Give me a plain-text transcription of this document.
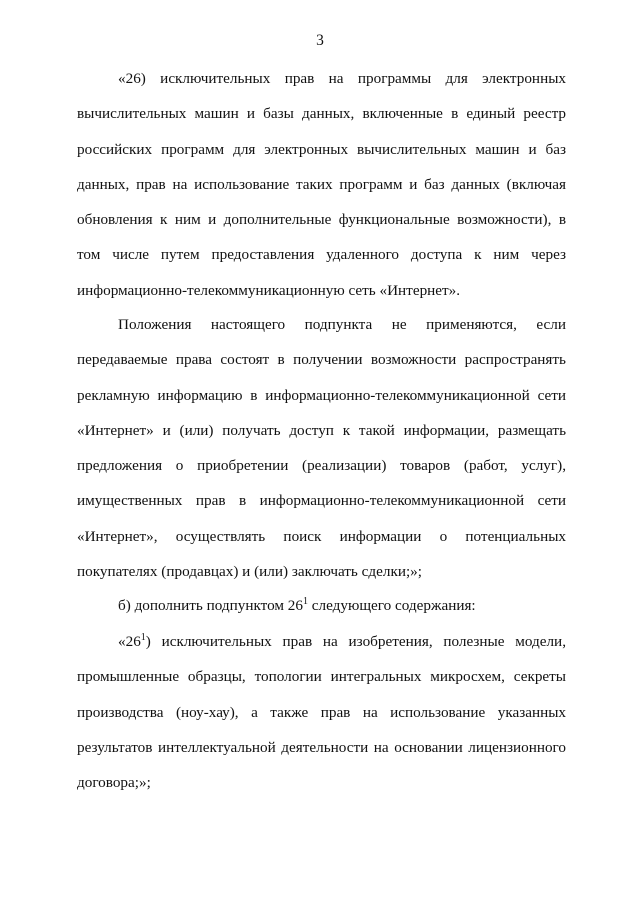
3
«26) исключительных прав на программы для электронных
вычислительных машин и базы данных, включенные в единый реестр
российских программ для электронных вычислительных машин и баз
данных, прав на использование таких программ и баз данных (включая
обновления к ним и дополнительные функциональные возможности), в
том числе путем предоставления удаленного доступа к ним через
информационно-телекоммуникационную сеть «Интернет».
Положения настоящего подпункта не применяются, если
передаваемые права состоят в получении возможности распространять
рекламную информацию в информационно-телекоммуникационной сети
«Интернет» и (или) получать доступ к такой информации, размещать
предложения о приобретении (реализации) товаров (работ, услуг),
имущественных прав в информационно-телекоммуникационной сети
«Интернет», осуществлять поиск информации о потенциальных
покупателях (продавцах) и (или) заключать сделки;»;
б) дополнить подпунктом $26^1$ следующего содержания:
«$26^1$) исключительных прав на изобретения, полезные модели,
промышленные образцы, топологии интегральных микросхем, секреты
производства (ноу-хау), а также прав на использование указанных
результатов интеллектуальной деятельности на основании лицензионного
договора;»;
